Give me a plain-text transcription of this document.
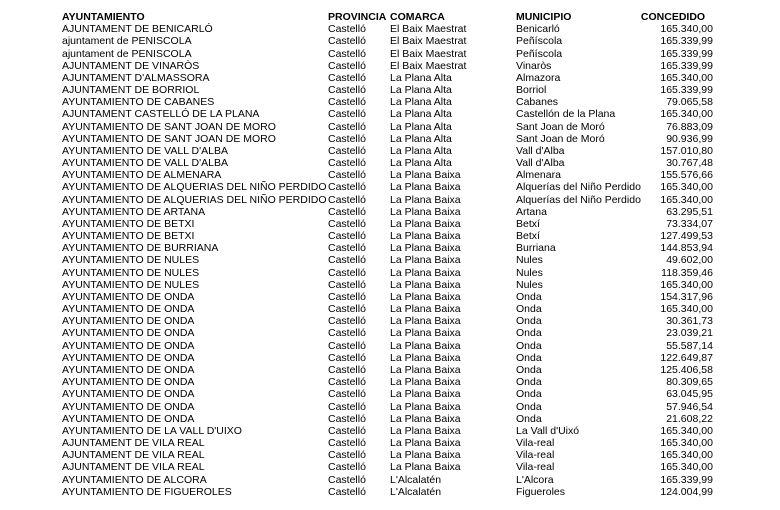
AYUNTAMIENTO	PROVINCIA	COMARCA	MUNICIPIO	CONCEDIDO
AJUNTAMENT DE BENICARLÓ	Castelló	El Baix Maestrat	Benicarló	165.340,00
ajuntament de PENISCOLA	Castelló	El Baix Maestrat	Peñíscola	165.339,99
ajuntament de PENISCOLA	Castelló	El Baix Maestrat	Peñíscola	165.339,99
AJUNTAMENT DE VINARÒS	Castelló	El Baix Maestrat	Vinaròs	165.339,99
AJUNTAMENT D'ALMASSORA	Castelló	La Plana Alta	Almazora	165.340,00
AJUNTAMENT DE BORRIOL	Castelló	La Plana Alta	Borriol	165.339,99
AYUNTAMIENTO DE CABANES	Castelló	La Plana Alta	Cabanes	79.065,58
AJUNTAMENT CASTELLÓ DE LA PLANA	Castelló	La Plana Alta	Castellón de la Plana	165.340,00
AYUNTAMIENTO DE SANT JOAN DE MORO	Castelló	La Plana Alta	Sant Joan de Moró	76.883,09
AYUNTAMIENTO DE SANT JOAN DE MORO	Castelló	La Plana Alta	Sant Joan de Moró	90.936,99
AYUNTAMIENTO DE VALL D'ALBA	Castelló	La Plana Alta	Vall d'Alba	157.010,80
AYUNTAMIENTO DE VALL D'ALBA	Castelló	La Plana Alta	Vall d'Alba	30.767,48
AYUNTAMIENTO DE ALMENARA	Castelló	La Plana Baixa	Almenara	155.576,66
AYUNTAMIENTO DE ALQUERIAS DEL NIÑO PERDIDO	Castelló	La Plana Baixa	Alquerías del Niño Perdido	165.340,00
AYUNTAMIENTO DE ALQUERIAS DEL NIÑO PERDIDO	Castelló	La Plana Baixa	Alquerías del Niño Perdido	165.340,00
AYUNTAMIENTO DE ARTANA	Castelló	La Plana Baixa	Artana	63.295,51
AYUNTAMIENTO DE BETXI	Castelló	La Plana Baixa	Betxí	73.334,07
AYUNTAMIENTO DE BETXI	Castelló	La Plana Baixa	Betxí	127.499,53
AYUNTAMIENTO DE BURRIANA	Castelló	La Plana Baixa	Burriana	144.853,94
AYUNTAMIENTO DE NULES	Castelló	La Plana Baixa	Nules	49.602,00
AYUNTAMIENTO DE NULES	Castelló	La Plana Baixa	Nules	118.359,46
AYUNTAMIENTO DE NULES	Castelló	La Plana Baixa	Nules	165.340,00
AYUNTAMIENTO DE ONDA	Castelló	La Plana Baixa	Onda	154.317,96
AYUNTAMIENTO DE ONDA	Castelló	La Plana Baixa	Onda	165.340,00
AYUNTAMIENTO DE ONDA	Castelló	La Plana Baixa	Onda	30.361,73
AYUNTAMIENTO DE ONDA	Castelló	La Plana Baixa	Onda	23.039,21
AYUNTAMIENTO DE ONDA	Castelló	La Plana Baixa	Onda	55.587,14
AYUNTAMIENTO DE ONDA	Castelló	La Plana Baixa	Onda	122.649,87
AYUNTAMIENTO DE ONDA	Castelló	La Plana Baixa	Onda	125.406,58
AYUNTAMIENTO DE ONDA	Castelló	La Plana Baixa	Onda	80.309,65
AYUNTAMIENTO DE ONDA	Castelló	La Plana Baixa	Onda	63.045,95
AYUNTAMIENTO DE ONDA	Castelló	La Plana Baixa	Onda	57.946,54
AYUNTAMIENTO DE ONDA	Castelló	La Plana Baixa	Onda	21.608,22
AYUNTAMIENTO DE LA VALL D'UIXO	Castelló	La Plana Baixa	La Vall d'Uixó	165.340,00
AJUNTAMENT DE VILA REAL	Castelló	La Plana Baixa	Vila-real	165.340,00
AJUNTAMENT DE VILA REAL	Castelló	La Plana Baixa	Vila-real	165.340,00
AJUNTAMENT DE VILA REAL	Castelló	La Plana Baixa	Vila-real	165.340,00
AYUNTAMIENTO DE ALCORA	Castelló	L'Alcalatén	L'Alcora	165.339,99
AYUNTAMIENTO DE FIGUEROLES	Castelló	L'Alcalatén	Figueroles	124.004,99
